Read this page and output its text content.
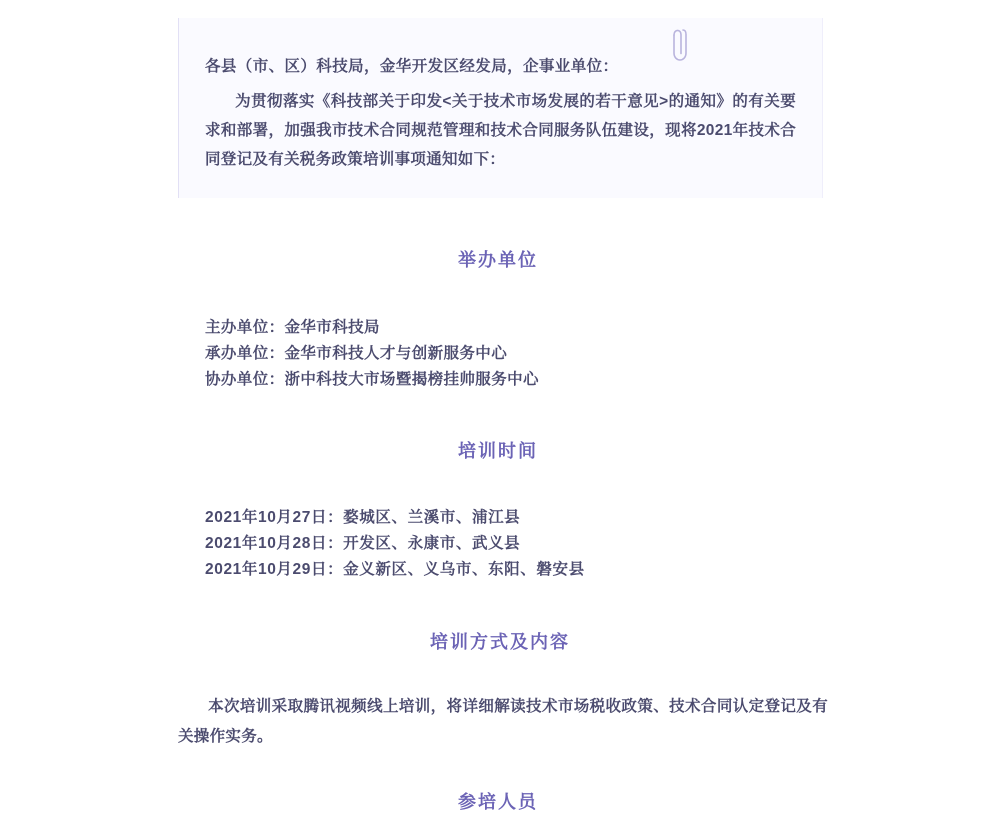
各县（市、区）科技局，金华开发区经发局，企事业单位：
为贯彻落实《科技部关于印发<关于技术市场发展的若干意见>的通知》的有关要求和部署，加强我市技术合同规范管理和技术合同服务队伍建设，现将2021年技术合同登记及有关税务政策培训事项通知如下：
举办单位
主办单位：金华市科技局
承办单位：金华市科技人才与创新服务中心
协办单位：浙中科技大市场暨揭榜挂帅服务中心
培训时间
2021年10月27日：婺城区、兰溪市、浦江县
2021年10月28日：开发区、永康市、武义县
2021年10月29日：金义新区、义乌市、东阳、磐安县
培训方式及内容
本次培训采取腾讯视频线上培训，将详细解读技术市场税收政策、技术合同认定登记及有关操作实务。
参培人员
